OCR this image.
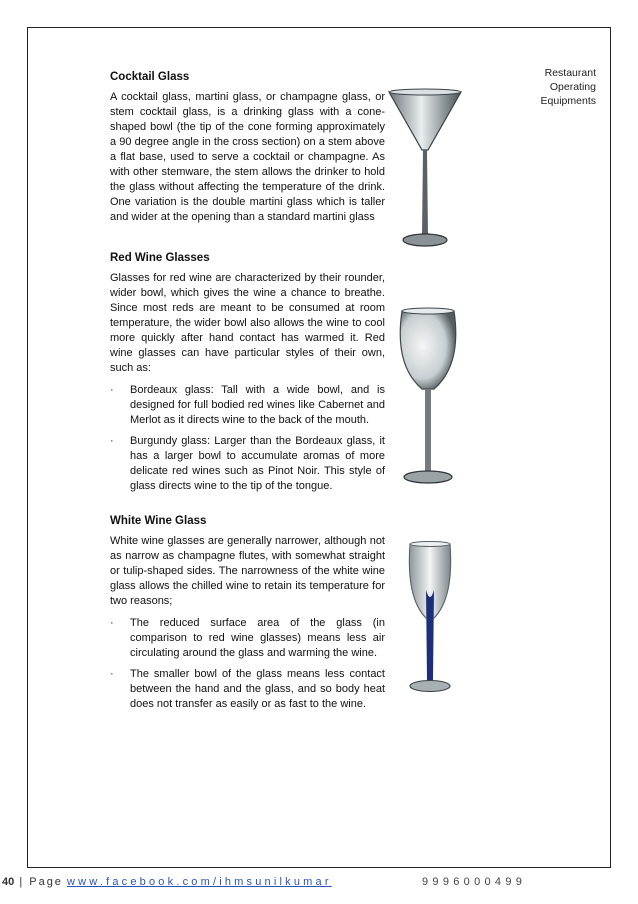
Restaurant
Operating
Equipments

Cocktail Glass

A cocktail glass, martini glass, or champagne glass, or stem cocktail glass, is a drinking glass with a cone-shaped bowl (the tip of the cone forming approximately a 90 degree angle in the cross section) on a stem above a flat base, used to serve a cocktail or champagne. As with other stemware, the stem allows the drinker to hold the glass without affecting the temperature of the drink. One variation is the double martini glass which is taller and wider at the opening than a standard martini glass

Red Wine Glasses

Glasses for red wine are characterized by their rounder, wider bowl, which gives the wine a chance to breathe. Since most reds are meant to be consumed at room temperature, the wider bowl also allows the wine to cool more quickly after hand contact has warmed it. Red wine glasses can have particular styles of their own, such as:

· Bordeaux glass: Tall with a wide bowl, and is designed for full bodied red wines like Cabernet and Merlot as it directs wine to the back of the mouth.
· Burgundy glass: Larger than the Bordeaux glass, it has a larger bowl to accumulate aromas of more delicate red wines such as Pinot Noir. This style of glass directs wine to the tip of the tongue.

White Wine Glass

White wine glasses are generally narrower, although not as narrow as champagne flutes, with somewhat straight or tulip-shaped sides. The narrowness of the white wine glass allows the chilled wine to retain its temperature for two reasons;

· The reduced surface area of the glass (in comparison to red wine glasses) means less air circulating around the glass and warming the wine.
· The smaller bowl of the glass means less contact between the hand and the glass, and so body heat does not transfer as easily or as fast to the wine.
40 | Page www.facebook.com/ihmsunilkumar	9996000499
